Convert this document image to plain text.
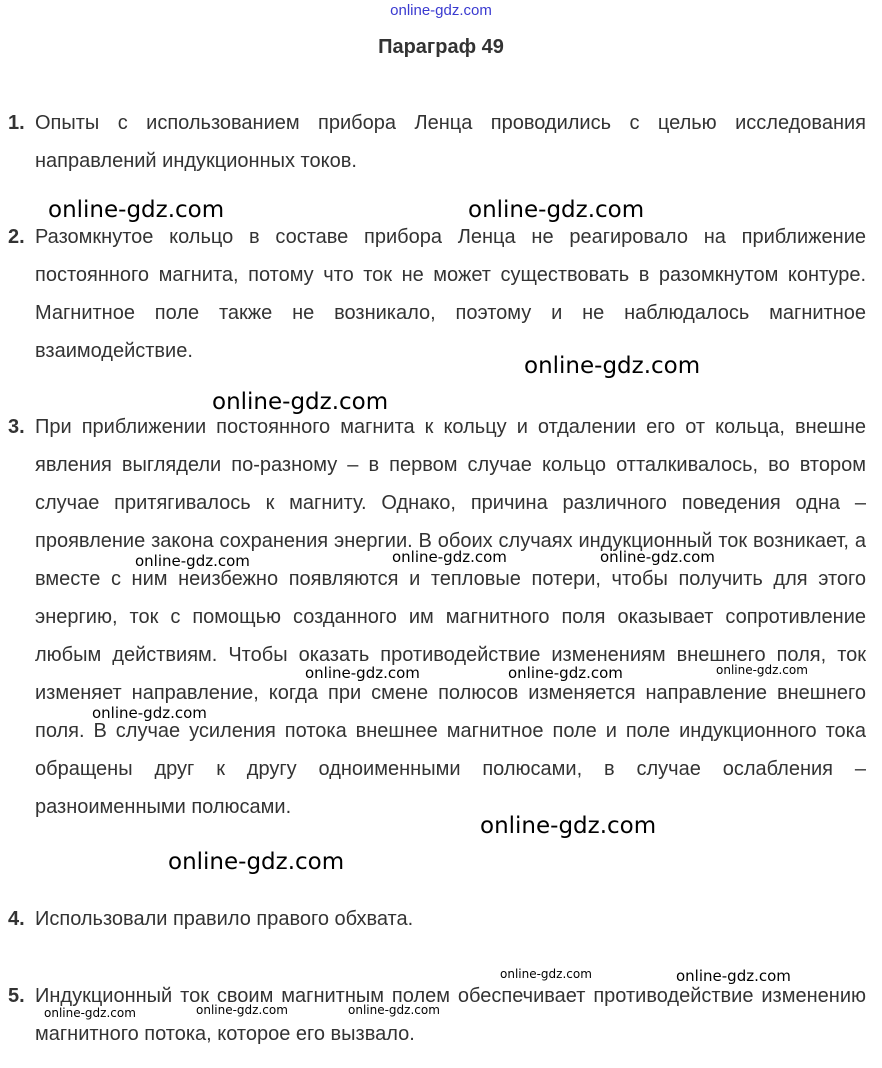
online-gdz.com
Параграф 49
1. Опыты с использованием прибора Ленца проводились с целью исследования направлений индукционных токов.

2. Разомкнутое кольцо в составе прибора Ленца не реагировало на приближение постоянного магнита, потому что ток не может существовать в разомкнутом контуре. Магнитное поле также не возникало, поэтому и не наблюдалось магнитное взаимодействие.

3. При приближении постоянного магнита к кольцу и отдалении его от кольца, внешне явления выглядели по-разному – в первом случае кольцо отталкивалось, во втором случае притягивалось к магниту. Однако, причина различного поведения одна – проявление закона сохранения энергии. В обоих случаях индукционный ток возникает, а вместе с ним неизбежно появляются и тепловые потери, чтобы получить для этого энергию, ток с помощью созданного им магнитного поля оказывает сопротивление любым действиям. Чтобы оказать противодействие изменениям внешнего поля, ток изменяет направление, когда при смене полюсов изменяется направление внешнего поля. В случае усиления потока внешнее магнитное поле и поле индукционного тока обращены друг к другу одноименными полюсами, в случае ослабления – разноименными полюсами.

4. Использовали правило правого обхвата.

5. Индукционный ток своим магнитным полем обеспечивает противодействие изменению магнитного потока, которое его вызвало.

online-gdz.com	online-gdz.com
online-gdz.com
online-gdz.com
online-gdz.com	online-gdz.com	online-gdz.com
online-gdz.com	online-gdz.com	online-gdz.com
online-gdz.com
online-gdz.com
online-gdz.com
online-gdz.com	online-gdz.com
online-gdz.com	online-gdz.com	online-gdz.com
